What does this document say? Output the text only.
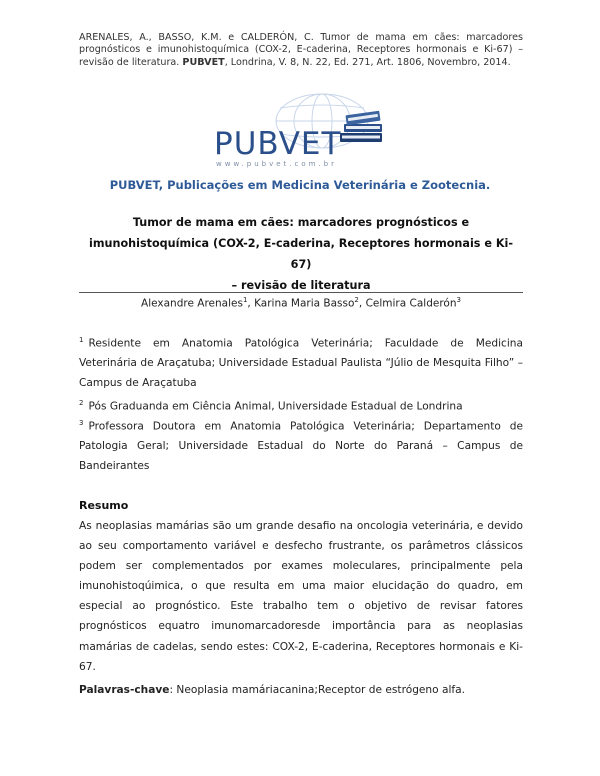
ARENALES, A., BASSO, K.M. e CALDERÓN, C. Tumor de mama em cães: marcadores prognósticos e imunohistoquímica (COX-2, E-caderina, Receptores hormonais e Ki-67) – revisão de literatura. PUBVET, Londrina, V. 8, N. 22, Ed. 271, Art. 1806, Novembro, 2014.
PUBVET
www.pubvet.com.br
PUBVET, Publicações em Medicina Veterinária e Zootecnia.
Tumor de mama em cães: marcadores prognósticos e
imunohistoquímica (COX-2, E-caderina, Receptores hormonais e Ki-67)
– revisão de literatura
Alexandre Arenales$^1$, Karina Maria Basso$^2$, Celmira Calderón$^3$
$^1$ Residente em Anatomia Patológica Veterinária; Faculdade de Medicina Veterinária de Araçatuba; Universidade Estadual Paulista “Júlio de Mesquita Filho” – Campus de Araçatuba
$^2$ Pós Graduanda em Ciência Animal, Universidade Estadual de Londrina
$^3$ Professora Doutora em Anatomia Patológica Veterinária; Departamento de Patologia Geral; Universidade Estadual do Norte do Paraná – Campus de Bandeirantes
Resumo
As neoplasias mamárias são um grande desafio na oncologia veterinária, e devido ao seu comportamento variável e desfecho frustrante, os parâmetros clássicos podem ser complementados por exames moleculares, principalmente pela imunohistoqúimica, o que resulta em uma maior elucidação do quadro, em especial ao prognóstico. Este trabalho tem o objetivo de revisar fatores prognósticos equatro imunomarcadoresde importância para as neoplasias mamárias de cadelas, sendo estes: COX-2, E-caderina, Receptores hormonais e Ki-67.
Palavras-chave: Neoplasia mamáriacanina;Receptor de estrógeno alfa.
